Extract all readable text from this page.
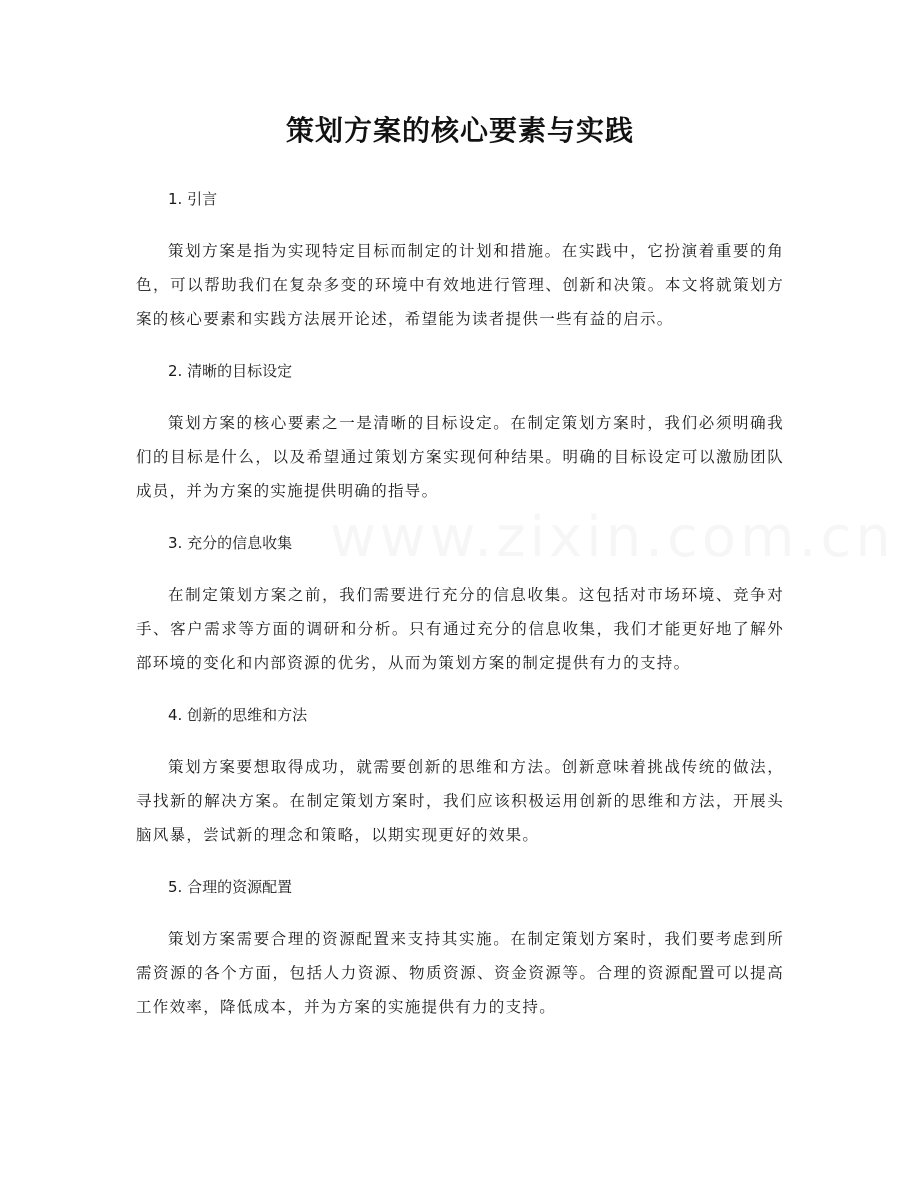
策划方案的核心要素与实践
1. 引言

策划方案是指为实现特定目标而制定的计划和措施。在实践中，它扮演着重要的角色，可以帮助我们在复杂多变的环境中有效地进行管理、创新和决策。本文将就策划方案的核心要素和实践方法展开论述，希望能为读者提供一些有益的启示。

2. 清晰的目标设定

策划方案的核心要素之一是清晰的目标设定。在制定策划方案时，我们必须明确我们的目标是什么，以及希望通过策划方案实现何种结果。明确的目标设定可以激励团队成员，并为方案的实施提供明确的指导。

3. 充分的信息收集

在制定策划方案之前，我们需要进行充分的信息收集。这包括对市场环境、竞争对手、客户需求等方面的调研和分析。只有通过充分的信息收集，我们才能更好地了解外部环境的变化和内部资源的优劣，从而为策划方案的制定提供有力的支持。

4. 创新的思维和方法

策划方案要想取得成功，就需要创新的思维和方法。创新意味着挑战传统的做法，寻找新的解决方案。在制定策划方案时，我们应该积极运用创新的思维和方法，开展头脑风暴，尝试新的理念和策略，以期实现更好的效果。

5. 合理的资源配置

策划方案需要合理的资源配置来支持其实施。在制定策划方案时，我们要考虑到所需资源的各个方面，包括人力资源、物质资源、资金资源等。合理的资源配置可以提高工作效率，降低成本，并为方案的实施提供有力的支持。
